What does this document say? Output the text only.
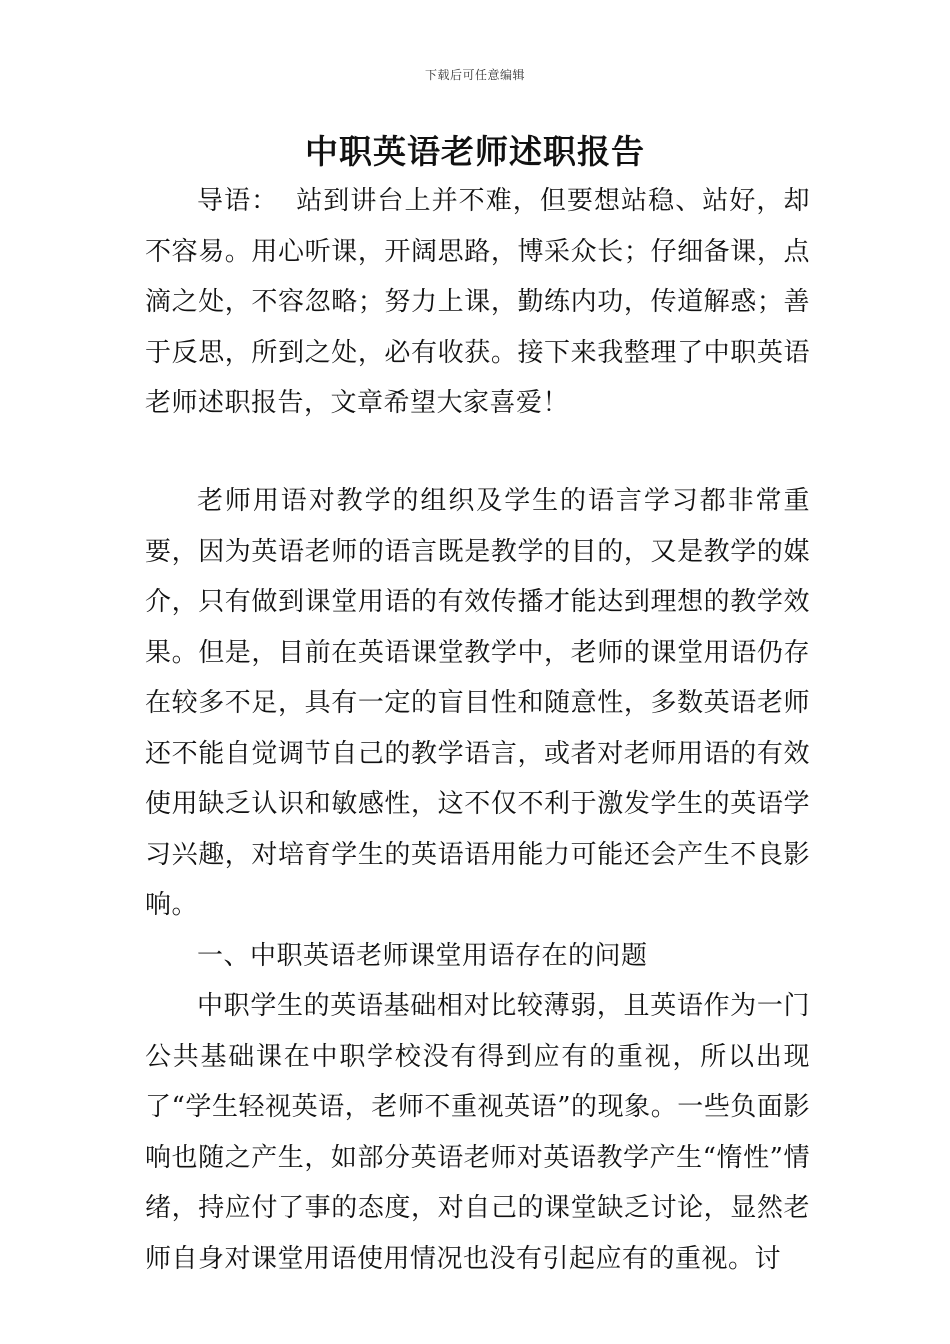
下载后可任意编辑
中职英语老师述职报告

导语： 站到讲台上并不难，但要想站稳、站好，却不容易。用心听课，开阔思路，博采众长；仔细备课，点滴之处，不容忽略；努力上课，勤练内功，传道解惑；善于反思，所到之处，必有收获。接下来我整理了中职英语老师述职报告，文章希望大家喜爱！

老师用语对教学的组织及学生的语言学习都非常重要，因为英语老师的语言既是教学的目的，又是教学的媒介，只有做到课堂用语的有效传播才能达到理想的教学效果。但是，目前在英语课堂教学中，老师的课堂用语仍存在较多不足，具有一定的盲目性和随意性，多数英语老师还不能自觉调节自己的教学语言，或者对老师用语的有效使用缺乏认识和敏感性，这不仅不利于激发学生的英语学习兴趣，对培育学生的英语语用能力可能还会产生不良影响。

一、中职英语老师课堂用语存在的问题

中职学生的英语基础相对比较薄弱，且英语作为一门公共基础课在中职学校没有得到应有的重视，所以出现了“学生轻视英语，老师不重视英语”的现象。一些负面影响也随之产生，如部分英语老师对英语教学产生“惰性”情绪，持应付了事的态度，对自己的课堂缺乏讨论，显然老师自身对课堂用语使用情况也没有引起应有的重视。讨
